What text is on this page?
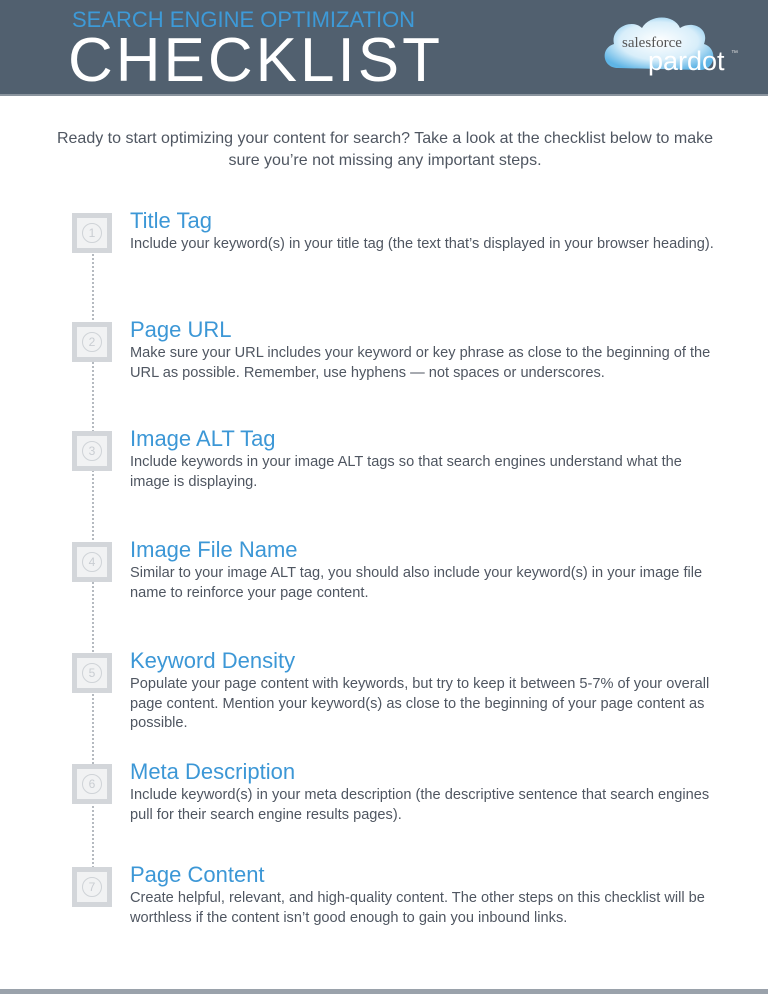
SEARCH ENGINE OPTIMIZATION
CHECKLIST	salesforce
pardot ™
Ready to start optimizing your content for search? Take a look at the checklist below to make sure you’re not missing any important steps.
1	Title Tag
Include your keyword(s) in your title tag (the text that’s displayed in your browser heading).
2	Page URL
Make sure your URL includes your keyword or key phrase as close to the beginning of the URL as possible. Remember, use hyphens — not spaces or underscores.
3	Image ALT Tag
Include keywords in your image ALT tags so that search engines understand what the image is displaying.
4	Image File Name
Similar to your image ALT tag, you should also include your keyword(s) in your image file name to reinforce your page content.
5	Keyword Density
Populate your page content with keywords, but try to keep it between 5-7% of your overall page content. Mention your keyword(s) as close to the beginning of your page content as possible.
6	Meta Description
Include keyword(s) in your meta description (the descriptive sentence that search engines pull for their search engine results pages).
7	Page Content
Create helpful, relevant, and high-quality content. The other steps on this checklist will be worthless if the content isn’t good enough to gain you inbound links.
